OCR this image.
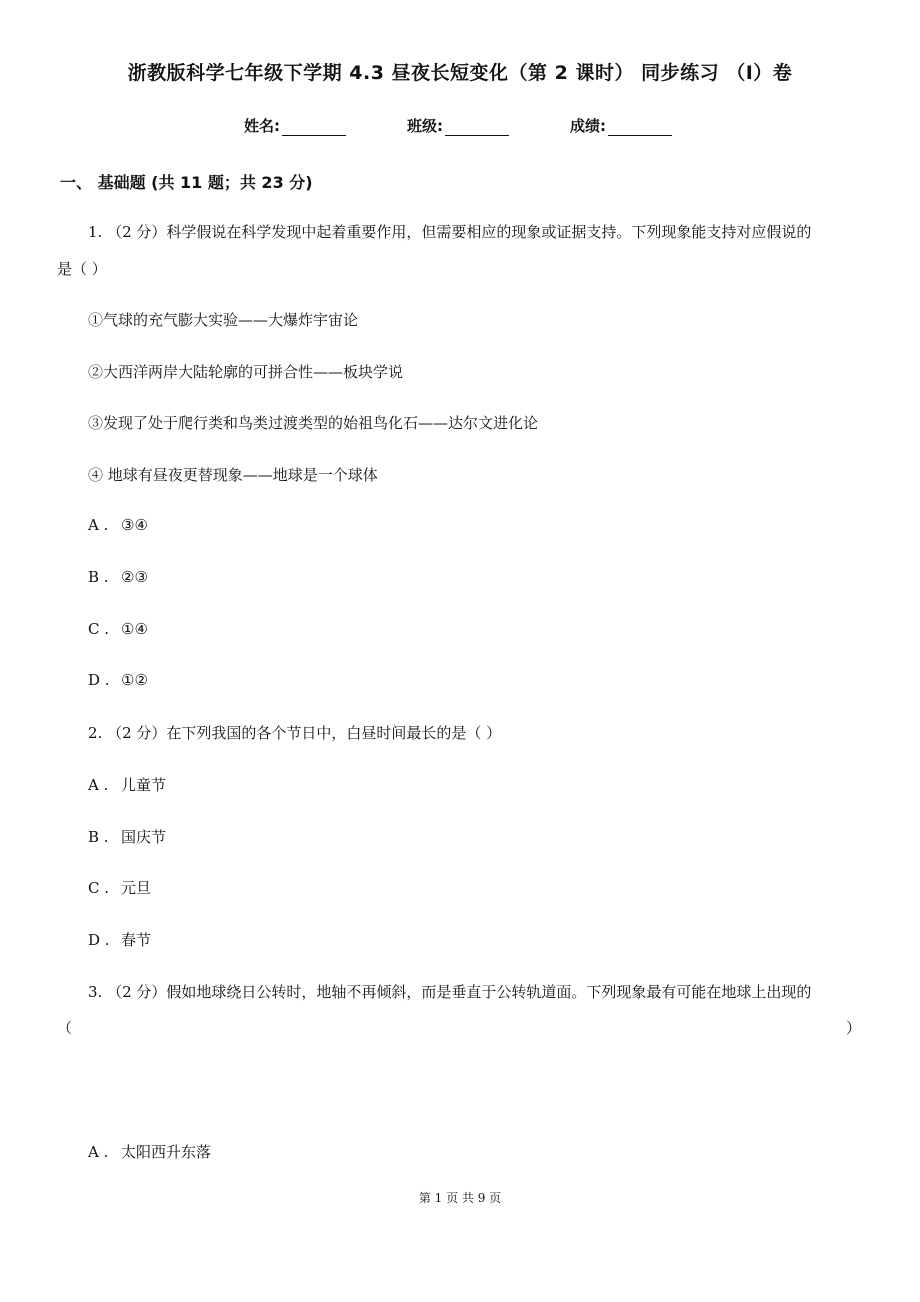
浙教版科学七年级下学期 4.3 昼夜长短变化（第 2 课时） 同步练习 （I）卷
姓名:	班级:	成绩:
一、 基础题 (共 11 题；共 23 分)
1. （2 分）科学假说在科学发现中起着重要作用，但需要相应的现象或证据支持。下列现象能支持对应假说的
是（ ）
①气球的充气膨大实验——大爆炸宇宙论
②大西洋两岸大陆轮廓的可拼合性——板块学说
③发现了处于爬行类和鸟类过渡类型的始祖鸟化石——达尔文进化论
④ 地球有昼夜更替现象——地球是一个球体
A . ③④
B . ②③
C . ①④
D . ①②
2. （2 分）在下列我国的各个节日中，白昼时间最长的是（ ）
A . 儿童节
B . 国庆节
C . 元旦
D . 春节
3. （2 分）假如地球绕日公转时，地轴不再倾斜，而是垂直于公转轨道面。下列现象最有可能在地球上出现的
（	）
A . 太阳西升东落
第 1 页 共 9 页
